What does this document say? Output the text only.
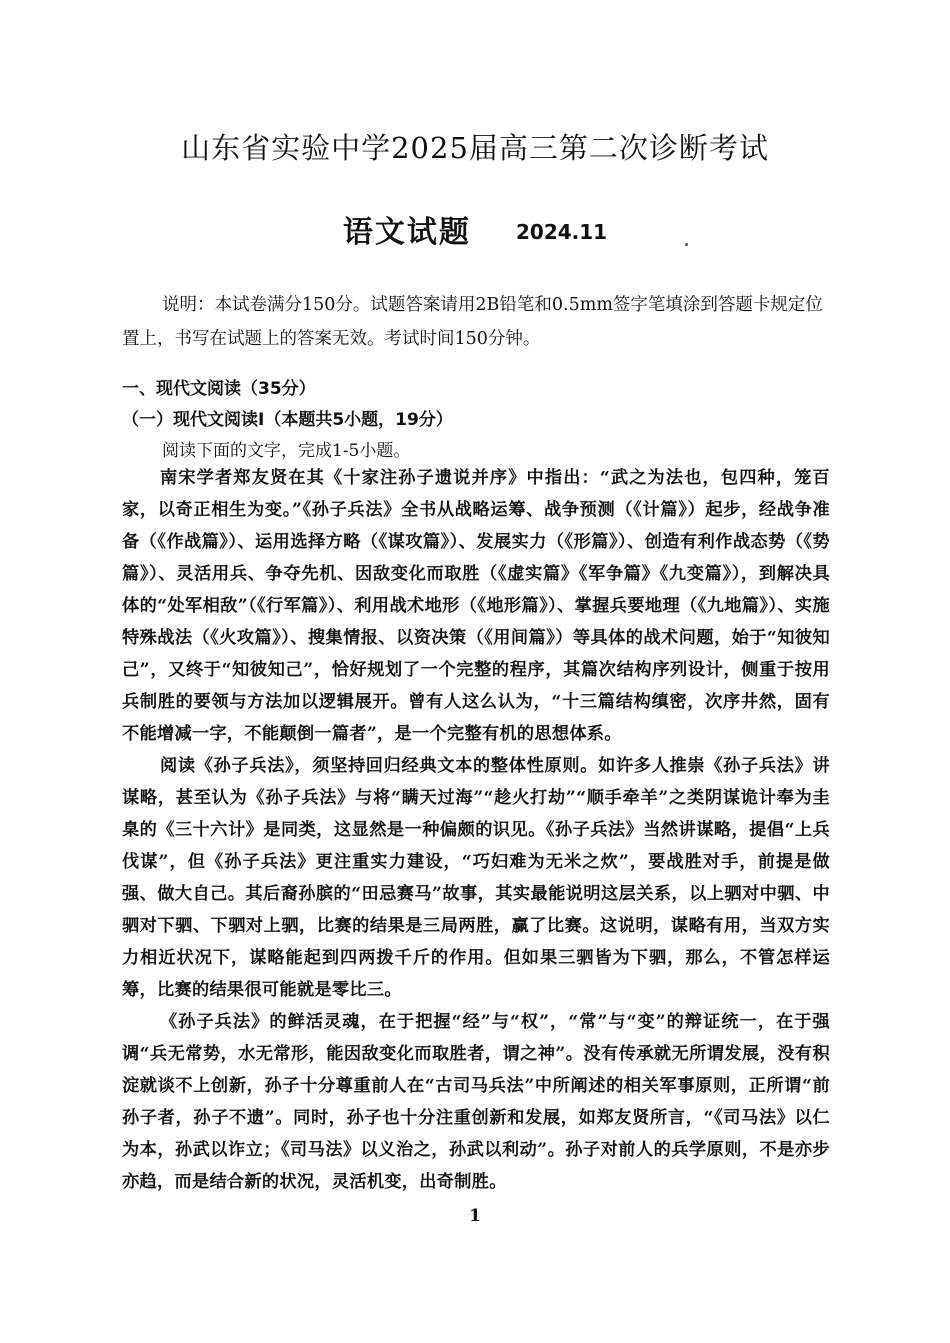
山东省实验中学2025届高三第二次诊断考试
语文试题 2024.11

说明：本试卷满分150分。试题答案请用2B铅笔和0.5mm签字笔填涂到答题卡规定位置上，书写在试题上的答案无效。考试时间150分钟。

一、现代文阅读（35分）
（一）现代文阅读Ⅰ（本题共5小题，19分）
阅读下面的文字，完成1-5小题。

南宋学者郑友贤在其《十家注孙子遗说并序》中指出：“武之为法也，包四种，笼百家，以奇正相生为变。”《孙子兵法》全书从战略运筹、战争预测（《计篇》）起步，经战争准备（《作战篇》）、运用选择方略（《谋攻篇》）、发展实力（《形篇》）、创造有利作战态势（《势篇》）、灵活用兵、争夺先机、因敌变化而取胜（《虚实篇》《军争篇》《九变篇》），到解决具体的“处军相敌”（《行军篇》）、利用战术地形（《地形篇》）、掌握兵要地理（《九地篇》）、实施特殊战法（《火攻篇》）、搜集情报、以资决策（《用间篇》）等具体的战术问题，始于“知彼知己”，又终于“知彼知己”，恰好规划了一个完整的程序，其篇次结构序列设计，侧重于按用兵制胜的要领与方法加以逻辑展开。曾有人这么认为，“十三篇结构缜密，次序井然，固有不能增减一字，不能颠倒一篇者”，是一个完整有机的思想体系。

阅读《孙子兵法》，须坚持回归经典文本的整体性原则。如许多人推崇《孙子兵法》讲谋略，甚至认为《孙子兵法》与将“瞒天过海”“趁火打劫”“顺手牵羊”之类阴谋诡计奉为圭臬的《三十六计》是同类，这显然是一种偏颇的识见。《孙子兵法》当然讲谋略，提倡“上兵伐谋”，但《孙子兵法》更注重实力建设，“巧妇难为无米之炊”，要战胜对手，前提是做强、做大自己。其后裔孙膑的“田忌赛马”故事，其实最能说明这层关系，以上驷对中驷、中驷对下驷、下驷对上驷，比赛的结果是三局两胜，赢了比赛。这说明，谋略有用，当双方实力相近状况下，谋略能起到四两拨千斤的作用。但如果三驷皆为下驷，那么，不管怎样运筹，比赛的结果很可能就是零比三。

《孙子兵法》的鲜活灵魂，在于把握“经”与“权”，“常”与“变”的辩证统一，在于强调“兵无常势，水无常形，能因敌变化而取胜者，谓之神”。没有传承就无所谓发展，没有积淀就谈不上创新，孙子十分尊重前人在“古司马兵法”中所阐述的相关军事原则，正所谓“前孙子者，孙子不遗”。同时，孙子也十分注重创新和发展，如郑友贤所言，“《司马法》以仁为本，孙武以诈立；《司马法》以义治之，孙武以利动”。孙子对前人的兵学原则，不是亦步亦趋，而是结合新的状况，灵活机变，出奇制胜。

1
